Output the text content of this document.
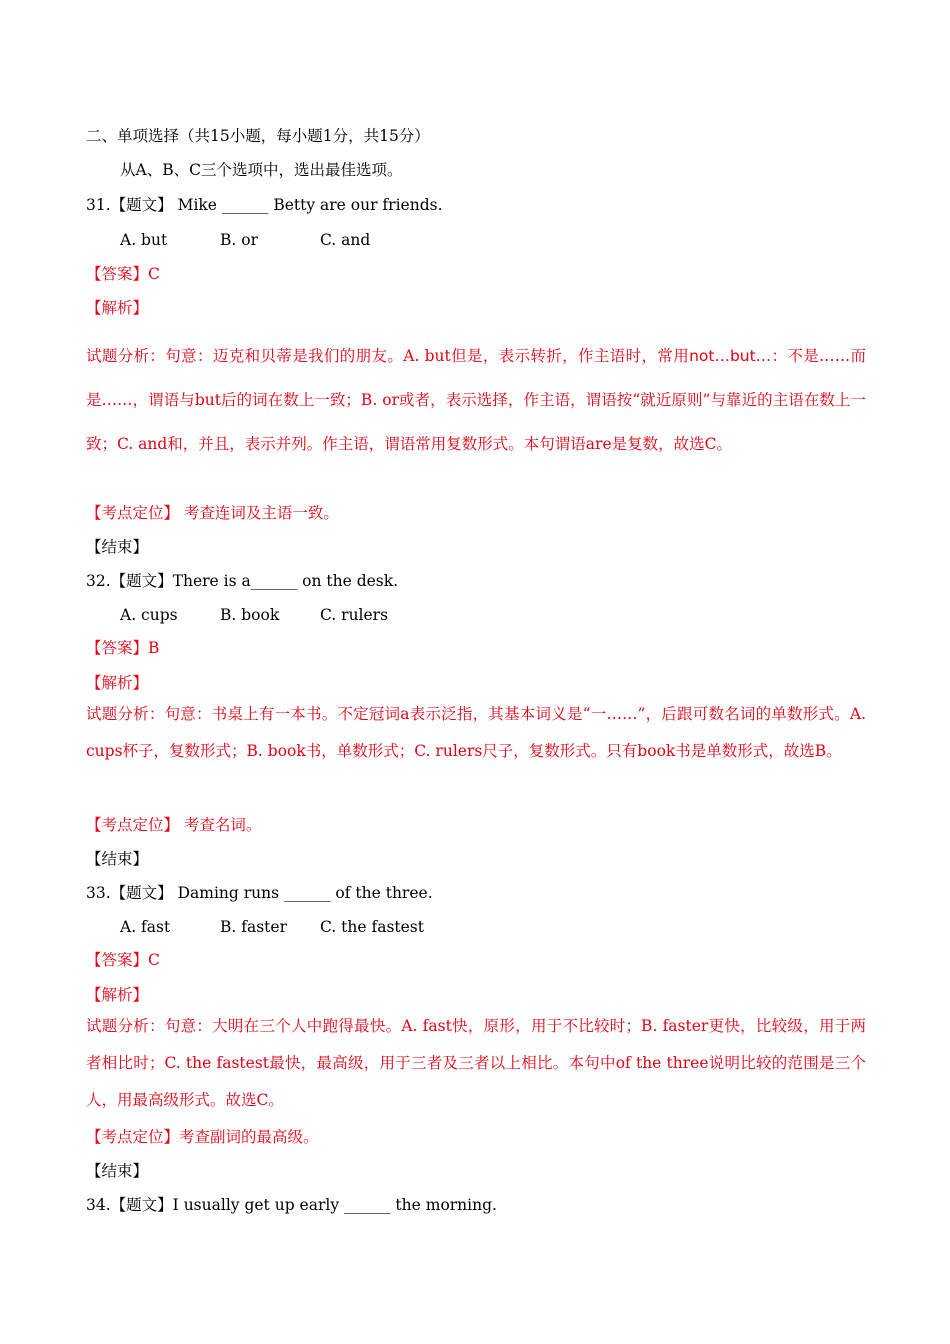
二、单项选择（共15小题，每小题1分，共15分）
从A、B、C三个选项中，选出最佳选项。
31.【题文】 Mike ______ Betty are our friends.
A. but	B. or	C. and
【答案】C
【解析】
试题分析：句意：迈克和贝蒂是我们的朋友。A. but但是，表示转折，作主语时，常用not…but…：不是……而是……，谓语与but后的词在数上一致；B. or或者，表示选择，作主语，谓语按“就近原则”与靠近的主语在数上一致；C. and和，并且，表示并列。作主语，谓语常用复数形式。本句谓语are是复数，故选C。
【考点定位】 考查连词及主语一致。
【结束】
32.【题文】There is a______ on the desk.
A. cups	B. book	C. rulers
【答案】B
【解析】
试题分析：句意：书桌上有一本书。不定冠词a表示泛指，其基本词义是“一……”，后跟可数名词的单数形式。A. cups杯子，复数形式；B. book书，单数形式；C. rulers尺子，复数形式。只有book书是单数形式，故选B。
【考点定位】 考查名词。
【结束】
33.【题文】 Daming runs ______ of the three.
A. fast	B. faster C. the fastest
【答案】C
【解析】
试题分析：句意：大明在三个人中跑得最快。A. fast快，原形，用于不比较时；B. faster更快，比较级，用于两者相比时；C. the fastest最快，最高级，用于三者及三者以上相比。本句中of the three说明比较的范围是三个人，用最高级形式。故选C。
【考点定位】考查副词的最高级。
【结束】
34.【题文】I usually get up early ______ the morning.
